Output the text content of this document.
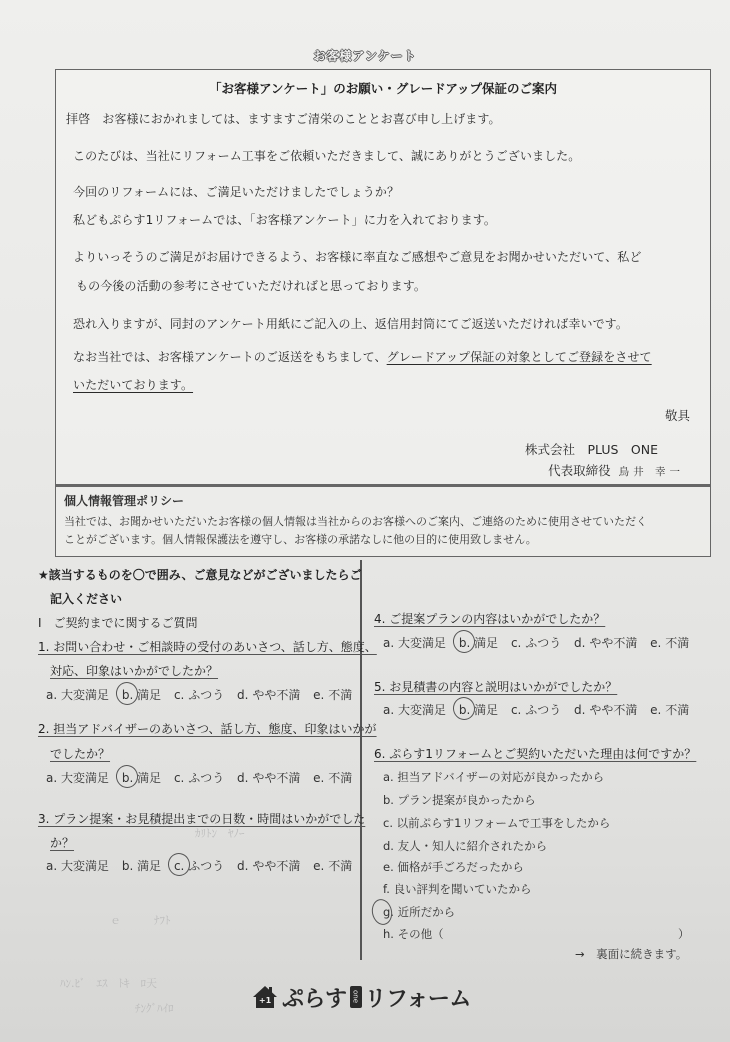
お客様アンケート
「お客様アンケート」のお願い・グレードアップ保証のご案内
拝啓　お客様におかれましては、ますますご清栄のこととお喜び申し上げます。
このたびは、当社にリフォーム工事をご依頼いただきまして、誠にありがとうございました。
今回のリフォームには、ご満足いただけましたでしょうか？
私どもぷらす1リフォームでは、「お客様アンケート」に力を入れております。
よりいっそうのご満足がお届けできるよう、お客様に率直なご感想やご意見をお聞かせいただいて、私ど
もの今後の活動の参考にさせていただければと思っております。
恐れ入りますが、同封のアンケート用紙にご記入の上、返信用封筒にてご返送いただければ幸いです。
なお当社では、お客様アンケートのご返送をもちまして、グレードアップ保証の対象としてご登録をさせて
いただいております。
敬具
株式会社　PLUS　ONE
代表取締役 鳥井 幸一
個人情報管理ポリシー
当社では、お聞かせいただいたお客様の個人情報は当社からのお客様へのご案内、ご連絡のために使用させていただく
ことがございます。個人情報保護法を遵守し、お客様の承諾なしに他の目的に使用致しません。
★該当するものを〇で囲み、ご意見などがございましたらご
記入ください
Ⅰ　ご契約までに関するご質問
1. お問い合わせ・ご相談時の受付のあいさつ、話し方、態度、
対応、印象はいかがでしたか？
a. 大変満足 b. 満足 c. ふつう d. やや不満 e. 不満
2. 担当アドバイザーのあいさつ、話し方、態度、印象はいかが
でしたか？
a. 大変満足 b. 満足 c. ふつう d. やや不満 e. 不満
3. プラン提案・お見積提出までの日数・時間はいかがでした
か？
a. 大変満足 b. 満足 c. ふつう d. やや不満 e. 不満
ｶﾘﾄﾝ　ﾔﾉｰ
ｅ　　　ﾅﾌﾄ
ﾊﾝ.ﾋﾞ　ｴｽ　ﾄｷ　ﾛ天
ﾁﾝｸﾞﾊｲﾛ
4. ご提案プランの内容はいかがでしたか？
a. 大変満足 b. 満足 c. ふつう d. やや不満 e. 不満
5. お見積書の内容と説明はいかがでしたか？
a. 大変満足 b. 満足 c. ふつう d. やや不満 e. 不満
6. ぷらす1リフォームとご契約いただいた理由は何ですか？
a. 担当アドバイザーの対応が良かったから
b. プラン提案が良かったから
c. 以前ぷらす1リフォームで工事をしたから
d. 友人・知人に紹介されたから
e. 価格が手ごろだったから
f. 良い評判を聞いていたから
g. 近所だから
h. その他（	）
→　裏面に続きます。
+1 ぷらす one リフォーム
